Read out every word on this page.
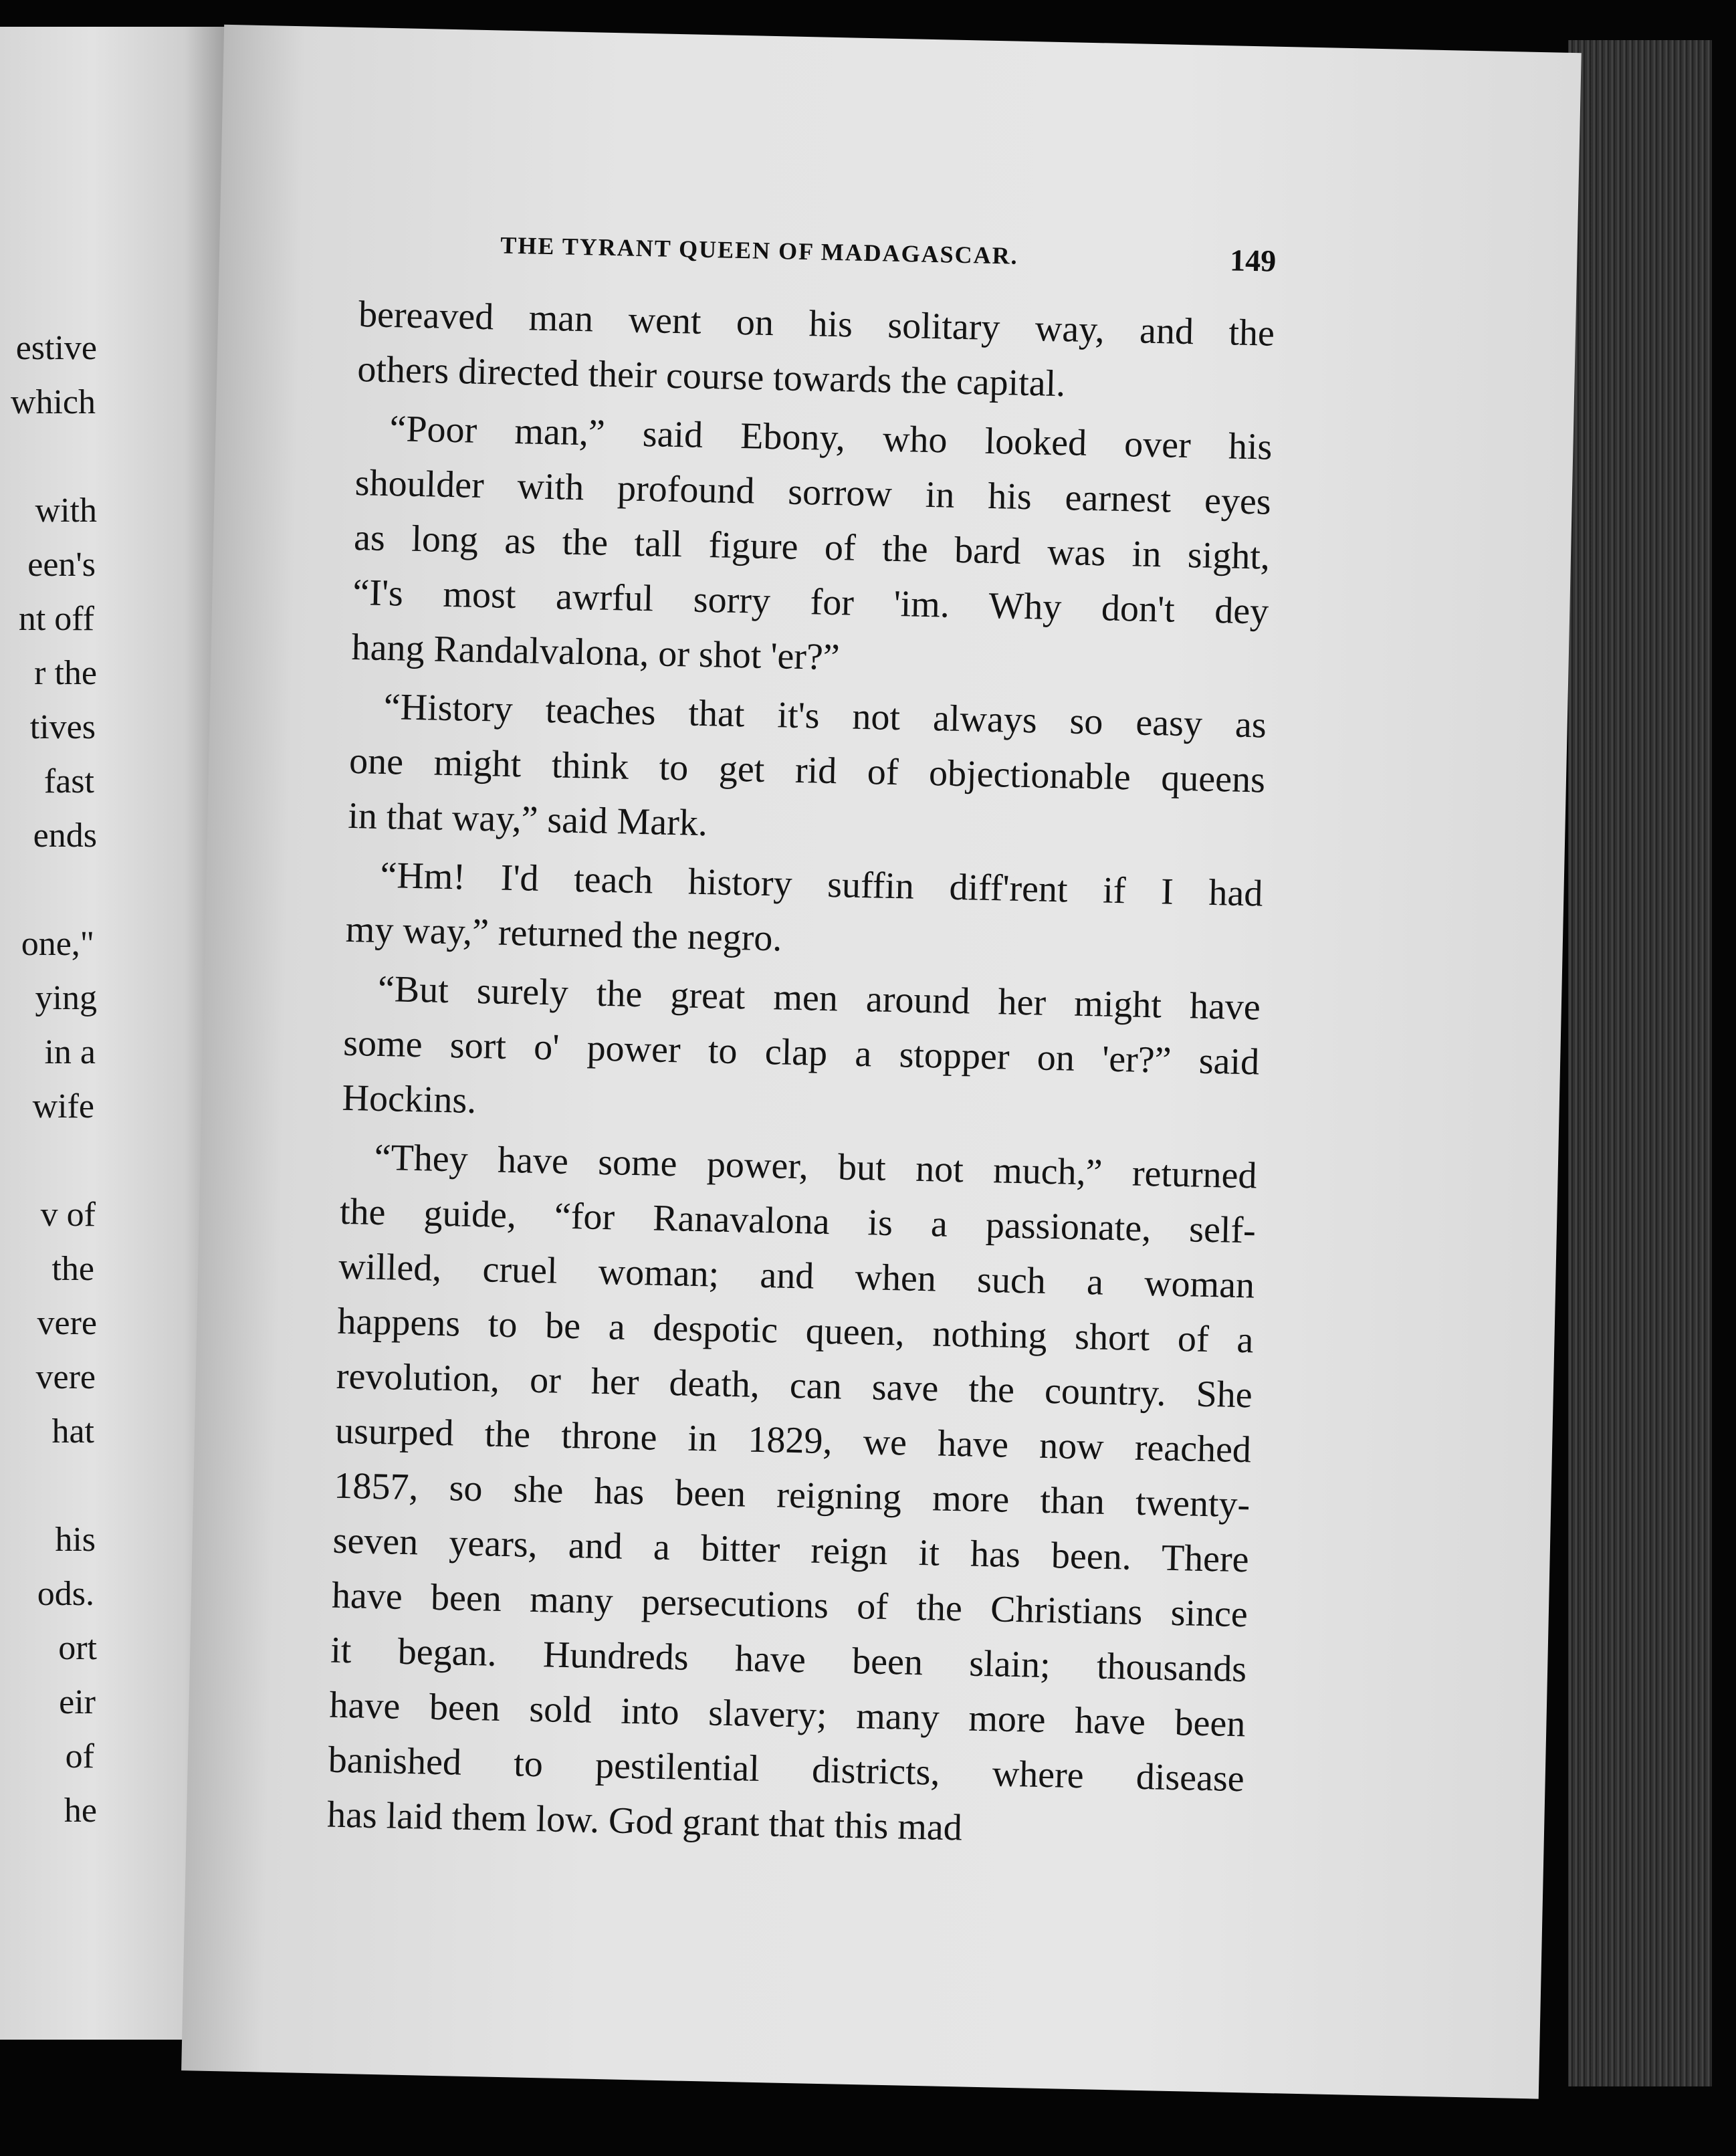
estive
which
with
een's
nt off
r the
tives
fast
ends
one,"
ying
in a
wife
v of
the
vere
vere
hat
his
ods.
ort
eir
of
he
THE TYRANT QUEEN OF MADAGASCAR.	149
bereaved man went on his solitary way, and the
others directed their course towards the capital.
“Poor man,” said Ebony, who looked over his
shoulder with profound sorrow in his earnest eyes
as long as the tall figure of the bard was in sight,
“I's most awrful sorry for 'im. Why don't dey
hang Randalvalona, or shot 'er?”
“History teaches that it's not always so easy as
one might think to get rid of objectionable queens
in that way,” said Mark.
“Hm! I'd teach history suffin diff'rent if I had
my way,” returned the negro.
“But surely the great men around her might have
some sort o' power to clap a stopper on 'er?” said
Hockins.
“They have some power, but not much,” returned
the guide, “for Ranavalona is a passionate, self-
willed, cruel woman; and when such a woman
happens to be a despotic queen, nothing short of a
revolution, or her death, can save the country. She
usurped the throne in 1829, we have now reached
1857, so she has been reigning more than twenty-
seven years, and a bitter reign it has been. There
have been many persecutions of the Christians since
it began. Hundreds have been slain; thousands
have been sold into slavery; many more have been
banished to pestilential districts, where disease
has laid them low. God grant that this mad
